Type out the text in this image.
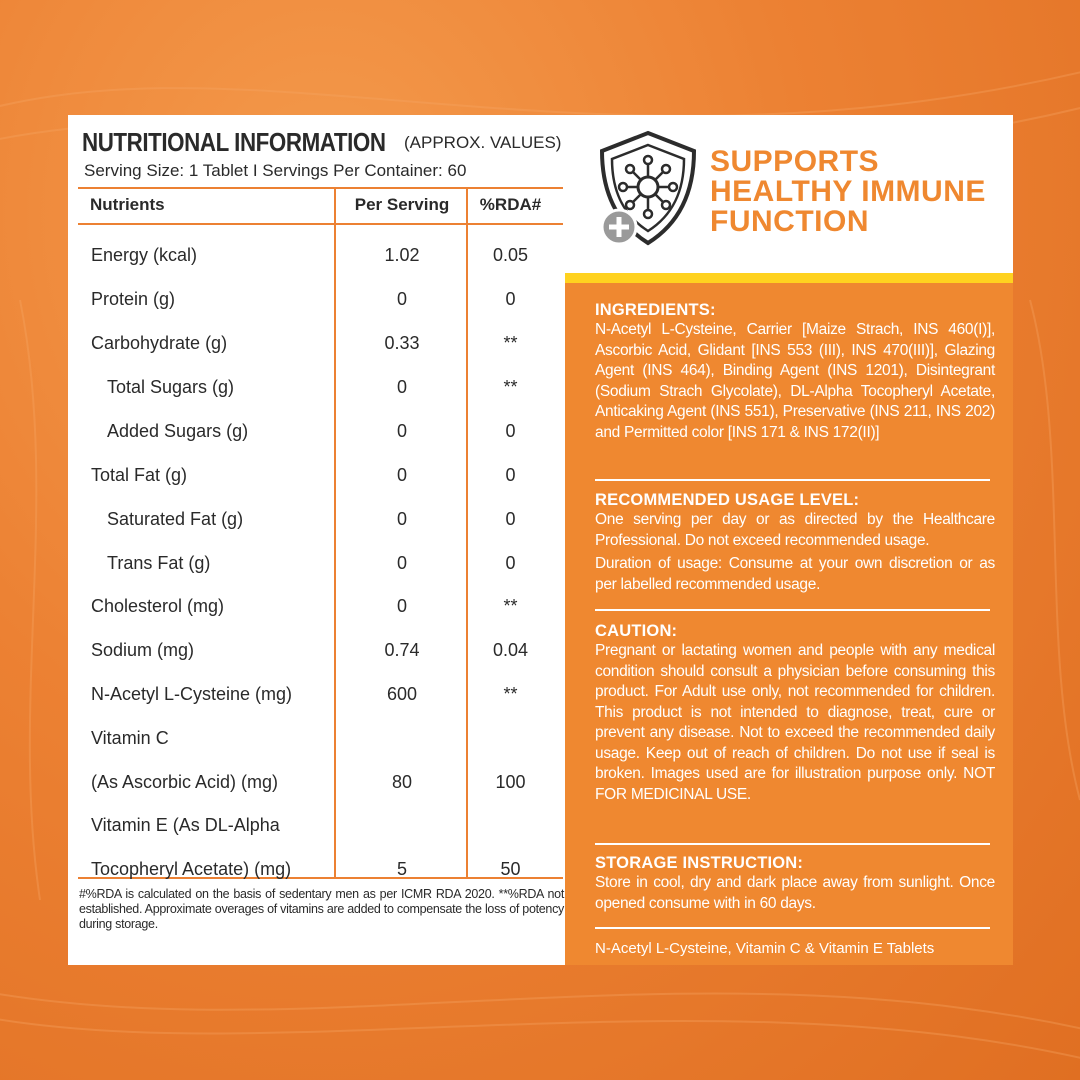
NUTRITIONAL INFORMATION (APPROX. VALUES)
Serving Size: 1 Tablet I Servings Per Container: 60
Nutrients	Per Serving	%RDA#
Energy (kcal)	1.02	0.05
Protein (g)	0	0
Carbohydrate (g)	0.33	**
Total Sugars (g)	0	**
Added Sugars (g)	0	0
Total Fat (g)	0	0
Saturated Fat (g)	0	0
Trans Fat (g)	0	0
Cholesterol (mg)	0	**
Sodium (mg)	0.74	0.04
N-Acetyl L-Cysteine (mg)	600	**
Vitamin C
(As Ascorbic Acid) (mg)	80	100
Vitamin E (As DL-Alpha
Tocopheryl Acetate) (mg)	5	50
#%RDA is calculated on the basis of sedentary men as per ICMR RDA 2020. **%RDA not established. Approximate overages of vitamins are added to compensate the loss of potency during storage.
SUPPORTS
HEALTHY IMMUNE
FUNCTION
INGREDIENTS:
N-Acetyl L-Cysteine, Carrier [Maize Strach, INS 460(I)], Ascorbic Acid, Glidant [INS 553 (III), INS 470(III)], Glazing Agent (INS 464), Binding Agent (INS 1201), Disintegrant (Sodium Strach Glycolate), DL-Alpha Tocopheryl Acetate, Anticaking Agent (INS 551), Preservative (INS 211, INS 202) and Permitted color [INS 171 & INS 172(II)]
RECOMMENDED USAGE LEVEL:
One serving per day or as directed by the Healthcare Professional. Do not exceed recommended usage.
Duration of usage: Consume at your own discretion or as per labelled recommended usage.
CAUTION:
Pregnant or lactating women and people with any medical condition should consult a physician before consuming this product. For Adult use only, not recommended for children. This product is not intended to diagnose, treat, cure or prevent any disease. Not to exceed the recommended daily usage. Keep out of reach of children. Do not use if seal is broken. Images used are for illustration purpose only. NOT FOR MEDICINAL USE.
STORAGE INSTRUCTION:
Store in cool, dry and dark place away from sunlight. Once opened consume with in 60 days.
N-Acetyl L-Cysteine, Vitamin C & Vitamin E Tablets
